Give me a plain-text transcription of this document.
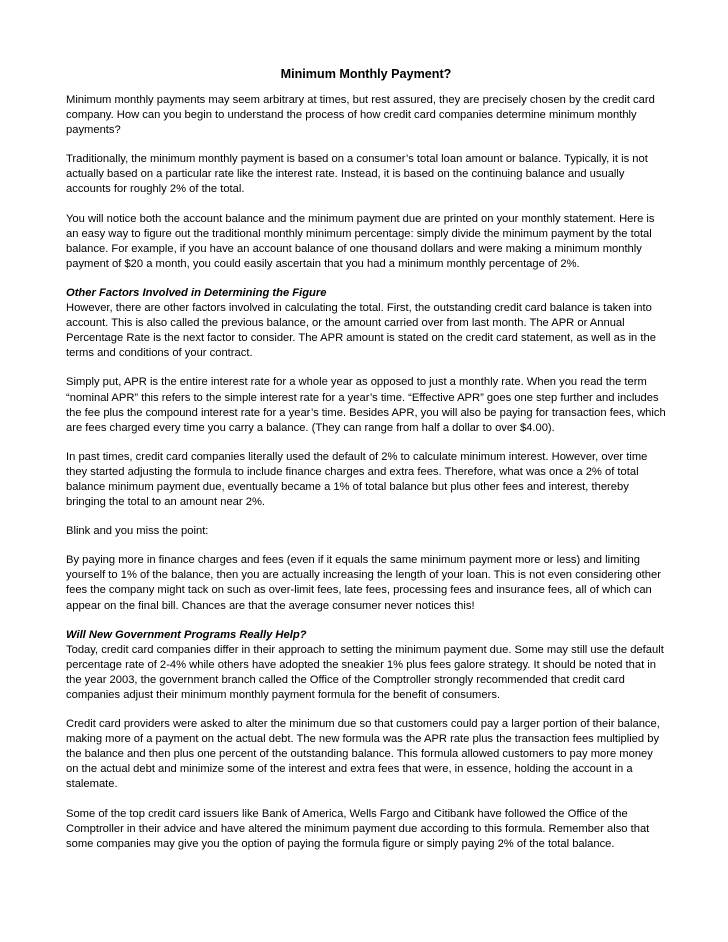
Minimum Monthly Payment?
Minimum monthly payments may seem arbitrary at times, but rest assured, they are precisely chosen by the credit card company. How can you begin to understand the process of how credit card companies determine minimum monthly payments?
Traditionally, the minimum monthly payment is based on a consumer’s total loan amount or balance. Typically, it is not actually based on a particular rate like the interest rate. Instead, it is based on the continuing balance and usually accounts for roughly 2% of the total.
You will notice both the account balance and the minimum payment due are printed on your monthly statement. Here is an easy way to figure out the traditional monthly minimum percentage: simply divide the minimum payment by the total balance. For example, if you have an account balance of one thousand dollars and were making a minimum monthly payment of $20 a month, you could easily ascertain that you had a minimum monthly percentage of 2%.
Other Factors Involved in Determining the Figure
However, there are other factors involved in calculating the total. First, the outstanding credit card balance is taken into account. This is also called the previous balance, or the amount carried over from last month. The APR or Annual Percentage Rate is the next factor to consider. The APR amount is stated on the credit card statement, as well as in the terms and conditions of your contract.
Simply put, APR is the entire interest rate for a whole year as opposed to just a monthly rate. When you read the term “nominal APR” this refers to the simple interest rate for a year’s time. “Effective APR” goes one step further and includes the fee plus the compound interest rate for a year’s time. Besides APR, you will also be paying for transaction fees, which are fees charged every time you carry a balance. (They can range from half a dollar to over $4.00).
In past times, credit card companies literally used the default of 2% to calculate minimum interest. However, over time they started adjusting the formula to include finance charges and extra fees. Therefore, what was once a 2% of total balance minimum payment due, eventually became a 1% of total balance but plus other fees and interest, thereby bringing the total to an amount near 2%.
Blink and you miss the point:
By paying more in finance charges and fees (even if it equals the same minimum payment more or less) and limiting yourself to 1% of the balance, then you are actually increasing the length of your loan. This is not even considering other fees the company might tack on such as over-limit fees, late fees, processing fees and insurance fees, all of which can appear on the final bill. Chances are that the average consumer never notices this!
Will New Government Programs Really Help?
Today, credit card companies differ in their approach to setting the minimum payment due. Some may still use the default percentage rate of 2-4% while others have adopted the sneakier 1% plus fees galore strategy. It should be noted that in the year 2003, the government branch called the Office of the Comptroller strongly recommended that credit card companies adjust their minimum monthly payment formula for the benefit of consumers.
Credit card providers were asked to alter the minimum due so that customers could pay a larger portion of their balance, making more of a payment on the actual debt. The new formula was the APR rate plus the transaction fees multiplied by the balance and then plus one percent of the outstanding balance. This formula allowed customers to pay more money on the actual debt and minimize some of the interest and extra fees that were, in essence, holding the account in a stalemate.
Some of the top credit card issuers like Bank of America, Wells Fargo and Citibank have followed the Office of the Comptroller in their advice and have altered the minimum payment due according to this formula. Remember also that some companies may give you the option of paying the formula figure or simply paying 2% of the total balance.
